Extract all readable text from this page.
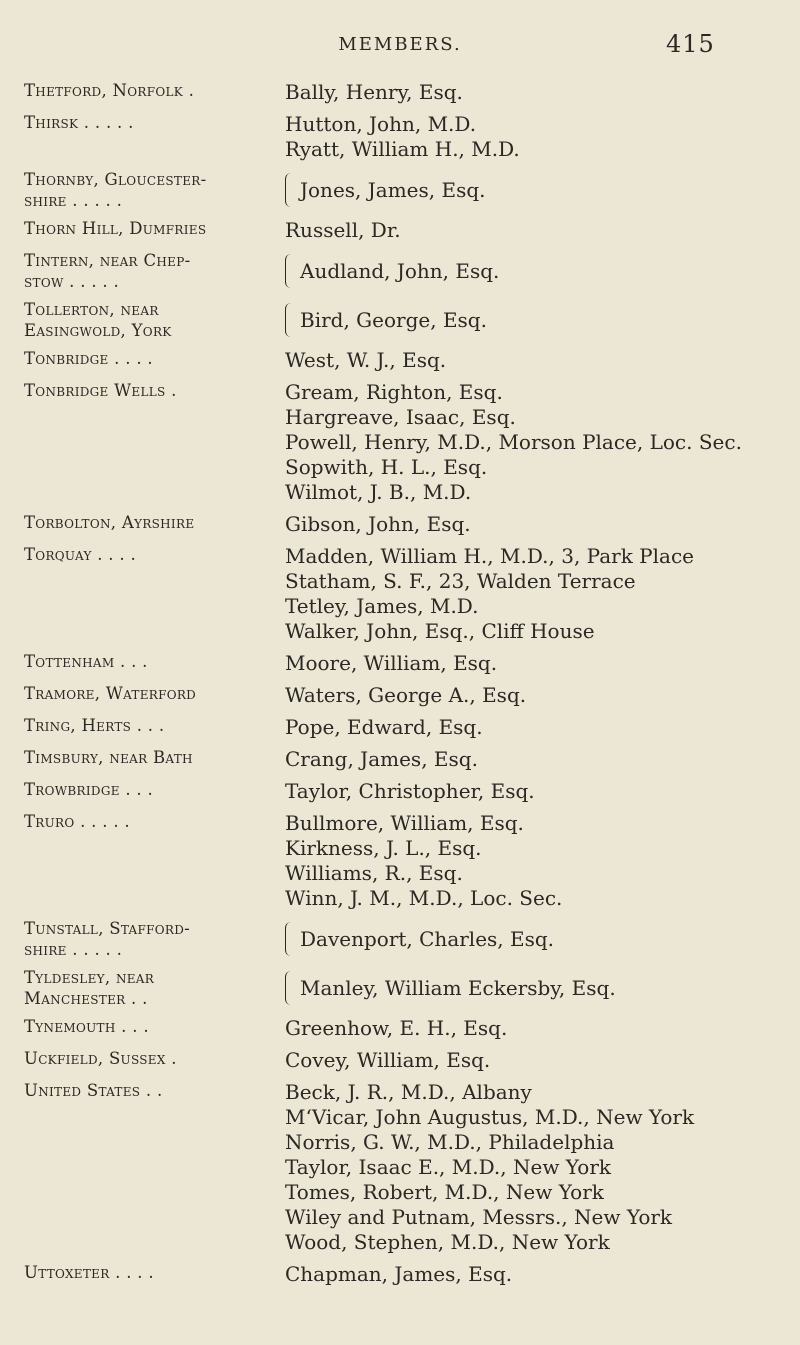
MEMBERS.	415
Thetford, Norfolk .	Bally, Henry, Esq.
Thirsk . . . . .	Hutton, John, M.D.
Ryatt, William H., M.D.
Thornby, Gloucester-
shire . . . . .	Jones, James, Esq.
Thorn Hill, Dumfries	Russell, Dr.
Tintern, near Chep-
stow . . . . .	Audland, John, Esq.
Tollerton, near
Easingwold, York	Bird, George, Esq.
Tonbridge . . . .	West, W. J., Esq.
Tonbridge Wells .	Gream, Righton, Esq.
Hargreave, Isaac, Esq.
Powell, Henry, M.D., Morson Place, Loc. Sec.
Sopwith, H. L., Esq.
Wilmot, J. B., M.D.
Torbolton, Ayrshire	Gibson, John, Esq.
Torquay . . . .	Madden, William H., M.D., 3, Park Place
Statham, S. F., 23, Walden Terrace
Tetley, James, M.D.
Walker, John, Esq., Cliff House
Tottenham . . .	Moore, William, Esq.
Tramore, Waterford	Waters, George A., Esq.
Tring, Herts . . .	Pope, Edward, Esq.
Timsbury, near Bath	Crang, James, Esq.
Trowbridge . . .	Taylor, Christopher, Esq.
Truro . . . . .	Bullmore, William, Esq.
Kirkness, J. L., Esq.
Williams, R., Esq.
Winn, J. M., M.D., Loc. Sec.
Tunstall, Stafford-
shire . . . . .	Davenport, Charles, Esq.
Tyldesley, near
Manchester . .	Manley, William Eckersby, Esq.
Tynemouth . . .	Greenhow, E. H., Esq.
Uckfield, Sussex .	Covey, William, Esq.
United States . .	Beck, J. R., M.D., Albany
M‘Vicar, John Augustus, M.D., New York
Norris, G. W., M.D., Philadelphia
Taylor, Isaac E., M.D., New York
Tomes, Robert, M.D., New York
Wiley and Putnam, Messrs., New York
Wood, Stephen, M.D., New York
Uttoxeter . . . .	Chapman, James, Esq.
